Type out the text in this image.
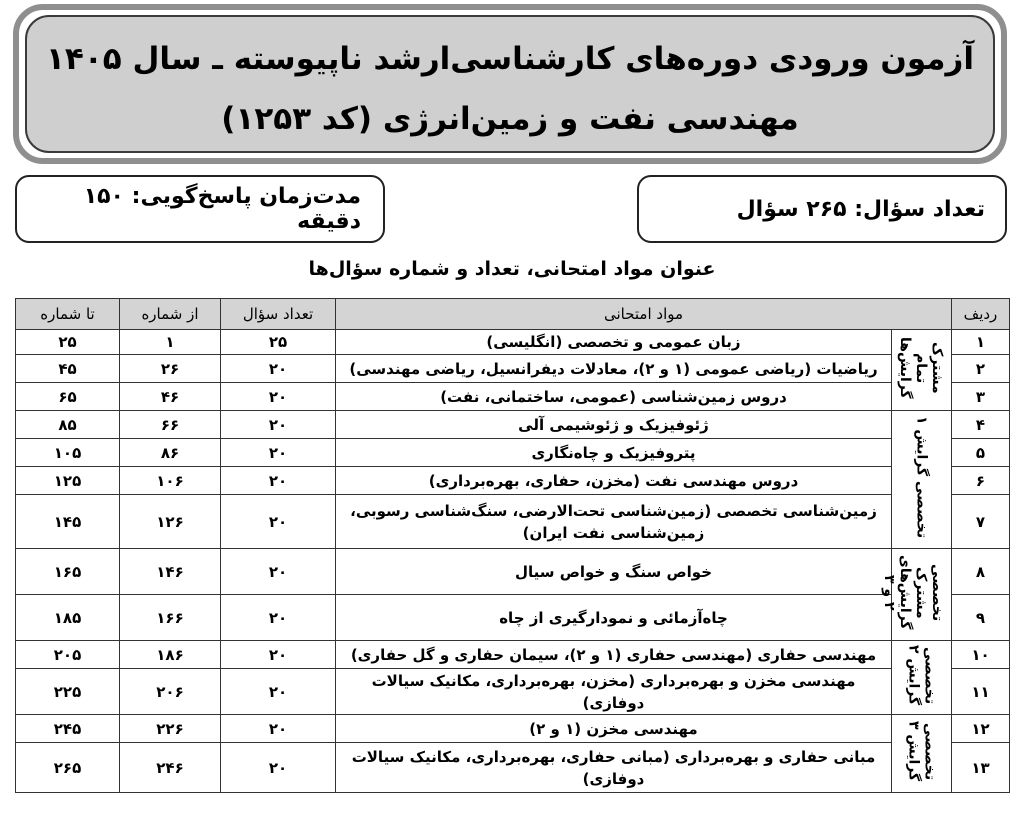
آزمون ورودی دوره‌های کارشناسی‌ارشد ناپیوسته ـ سال ۱۴۰۵
مهندسی نفت و زمین‌انرژی (کد ۱۲۵۳)
تعداد سؤال: ۲۶۵ سؤال
مدت‌زمان پاسخ‌گویی: ۱۵۰ دقیقه
عنوان مواد امتحانی، تعداد و شماره سؤال‌ها
ردیف	مواد امتحانی		تعداد سؤال	از شماره	تا شماره
۱	مشترک
تمام
گرایش‌ها	زبان عمومی و تخصصی (انگلیسی)	۲۵	۱	۲۵
۲		ریاضیات (ریاضی عمومی (۱ و ۲)، معادلات دیفرانسیل، ریاضی مهندسی)	۲۰	۲۶	۴۵
۳		دروس زمین‌شناسی (عمومی، ساختمانی، نفت)	۲۰	۴۶	۶۵
۴	تخصصی گرایش ۱	ژئوفیزیک و ژئوشیمی آلی	۲۰	۶۶	۸۵
۵		پتروفیزیک و چاه‌نگاری	۲۰	۸۶	۱۰۵
۶		دروس مهندسی نفت (مخزن، حفاری، بهره‌برداری)	۲۰	۱۰۶	۱۲۵
۷		زمین‌شناسی تخصصی (زمین‌شناسی تحت‌الارضی، سنگ‌شناسی رسوبی، زمین‌شناسی نفت ایران)	۲۰	۱۲۶	۱۴۵
۸	تخصصی
مشترک
گرایش‌های
۲ و ۳	خواص سنگ و خواص سیال	۲۰	۱۴۶	۱۶۵
۹		چاه‌آزمائی و نمودارگیری از چاه	۲۰	۱۶۶	۱۸۵
۱۰	تخصصی
گرایش ۲	مهندسی حفاری (مهندسی حفاری (۱ و ۲)، سیمان حفاری و گل حفاری)	۲۰	۱۸۶	۲۰۵
۱۱		مهندسی مخزن و بهره‌برداری (مخزن، بهره‌برداری، مکانیک سیالات دوفازی)	۲۰	۲۰۶	۲۲۵
۱۲	تخصصی
گرایش ۳	مهندسی مخزن (۱ و ۲)	۲۰	۲۲۶	۲۴۵
۱۳		مبانی حفاری و بهره‌برداری (مبانی حفاری، بهره‌برداری، مکانیک سیالات دوفازی)	۲۰	۲۴۶	۲۶۵
